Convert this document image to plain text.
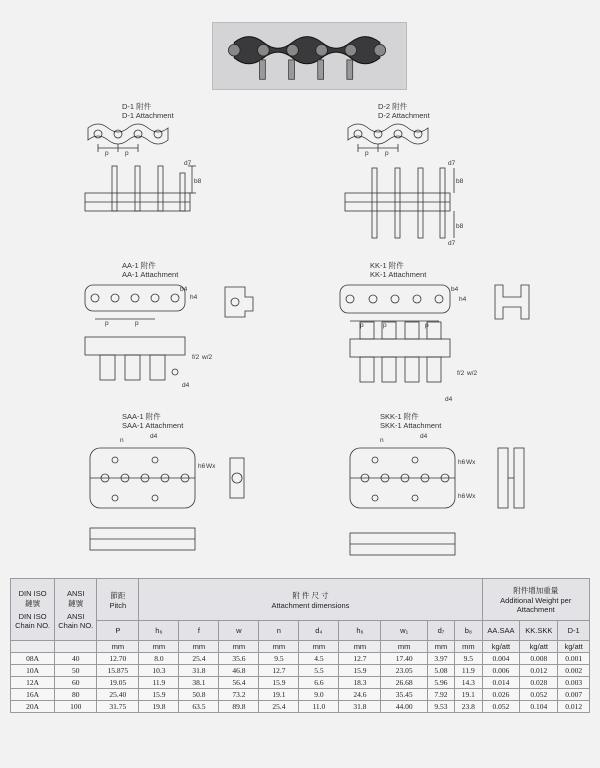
D-1 附件
D-1 Attachment
p	p
d7
b8
D-2 附件
D-2 Attachment
p	p
d7
b8
b8
d7
AA-1 附件
AA-1 Attachment
p	p
b4
h4
f/2 w/2
d4
KK-1 附件
KK-1 Attachment
p	p	p
b4
h4
f/2 w/2
d4
SAA-1 附件
SAA-1 Attachment
n
d4
h6 Wx
SKK-1 附件
SKK-1 Attachment
n
d4
h6
h6
Wx
Wx
DIN ISO
鏈號
DIN ISO Chain NO.	ANSI
鏈號
ANSI Chain NO.	節距
Pitch	附 件 尺 寸
Attachment dimensions									附件增加重量
Additional Weight per Attachment		

		P	h₆	f	w	n	d₄	h₆	w₁	d₇	b₈	AA.SAA	KK.SKK	D-1
		mm	mm	mm	mm	mm	mm	mm	mm	mm	mm	kg/att	kg/att	kg/att
08A	40	12.70	8.0	25.4	35.6	9.5	4.5	12.7	17.40	3.97	9.5	0.004	0.008	0.001
10A	50	15.875	10.3	31.8	46.8	12.7	5.5	15.9	23.05	5.08	11.9	0.006	0.012	0.002
12A	60	19.05	11.9	38.1	56.4	15.9	6.6	18.3	26.68	5.96	14.3	0.014	0.028	0.003
16A	80	25.40	15.9	50.8	73.2	19.1	9.0	24.6	35.45	7.92	19.1	0.026	0.052	0.007
20A	100	31.75	19.8	63.5	89.8	25.4	11.0	31.8	44.00	9.53	23.8	0.052	0.104	0.012
